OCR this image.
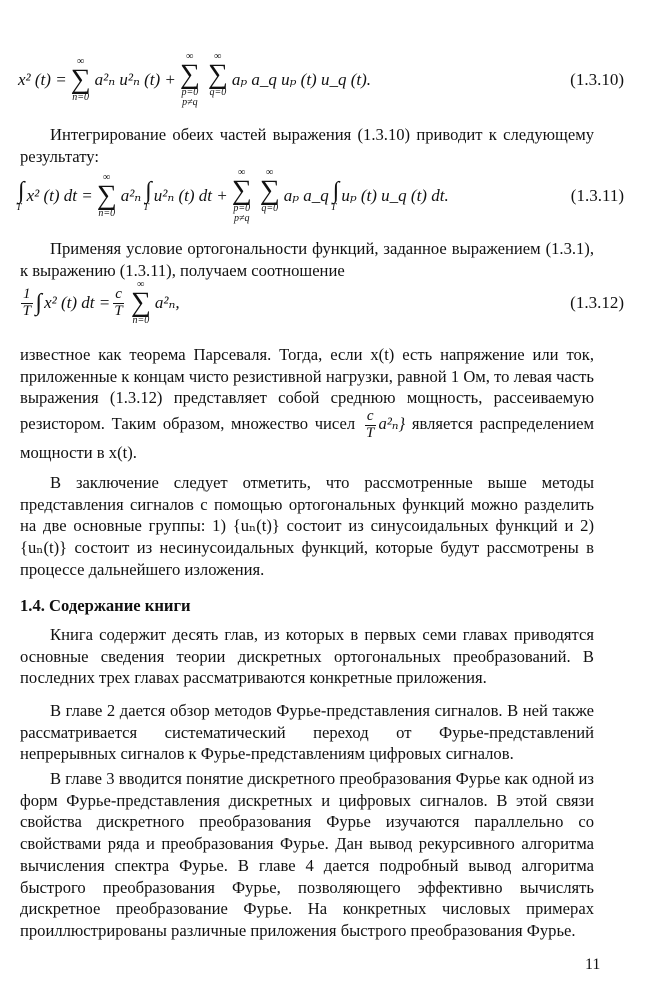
x² (t) =
∞
∑
n=0
a²ₙ u²ₙ (t) +
∞
∑
p=0
p≠q
∞
∑
q=0

aₚ a_q uₚ (t) u_q (t).	(1.3.10)

Интегрирование обеих частей выражения (1.3.10) приводит к следующему результату:

∫
T
x² (t) dt =
∞
∑
n=0
a²ₙ ∫
T
u²ₙ (t) dt +
∞
∑
p=0
p≠q
∞
∑
q=0

aₚ a_q ∫
T
uₚ (t) u_q (t) dt.	(1.3.11)

Применяя условие ортогональности функций, заданное выражением (1.3.1), к выражению (1.3.11), получаем соотношение

$\frac{1}{T}$ ∫ x² (t) dt = $\frac{c}{T}$
∞
∑
n=0
a²ₙ,	(1.3.12)

известное как теорема Парсеваля. Тогда, если x(t) есть напряжение или ток, приложенные к концам чисто резистивной нагрузки, равной 1 Ом, то левая часть выражения (1.3.12) представляет собой среднюю мощность, рассеиваемую резистором. Таким образом, множество чисел $\frac{c}{T} a^2_n$} является распределением мощности в x(t).

В заключение следует отметить, что рассмотренные выше методы представления сигналов с помощью ортогональных функций можно разделить на две основные группы: 1) {uₙ(t)} состоит из синусоидальных функций и 2) {uₙ(t)} состоит из несинусоидальных функций, которые будут рассмотрены в процессе дальнейшего изложения.

1.4. Содержание книги

Книга содержит десять глав, из которых в первых семи главах приводятся основные сведения теории дискретных ортогональных преобразований. В последних трех главах рассматриваются конкретные приложения.

В главе 2 дается обзор методов Фурье-представления сигналов. В ней также рассматривается систематический переход от Фурье-представлений непрерывных сигналов к Фурье-представлениям цифровых сигналов.

В главе 3 вводится понятие дискретного преобразования Фурье как одной из форм Фурье-представления дискретных и цифровых сигналов. В этой связи свойства дискретного преобразования Фурье изучаются параллельно со свойствами ряда и преобразования Фурье. Дан вывод рекурсивного алгоритма вычисления спектра Фурье. В главе 4 дается подробный вывод алгоритма быстрого преобразования Фурье, позволяющего эффективно вычислять дискретное преобразование Фурье. На конкретных числовых примерах проиллюстрированы различные приложения быстрого преобразования Фурье.

11
